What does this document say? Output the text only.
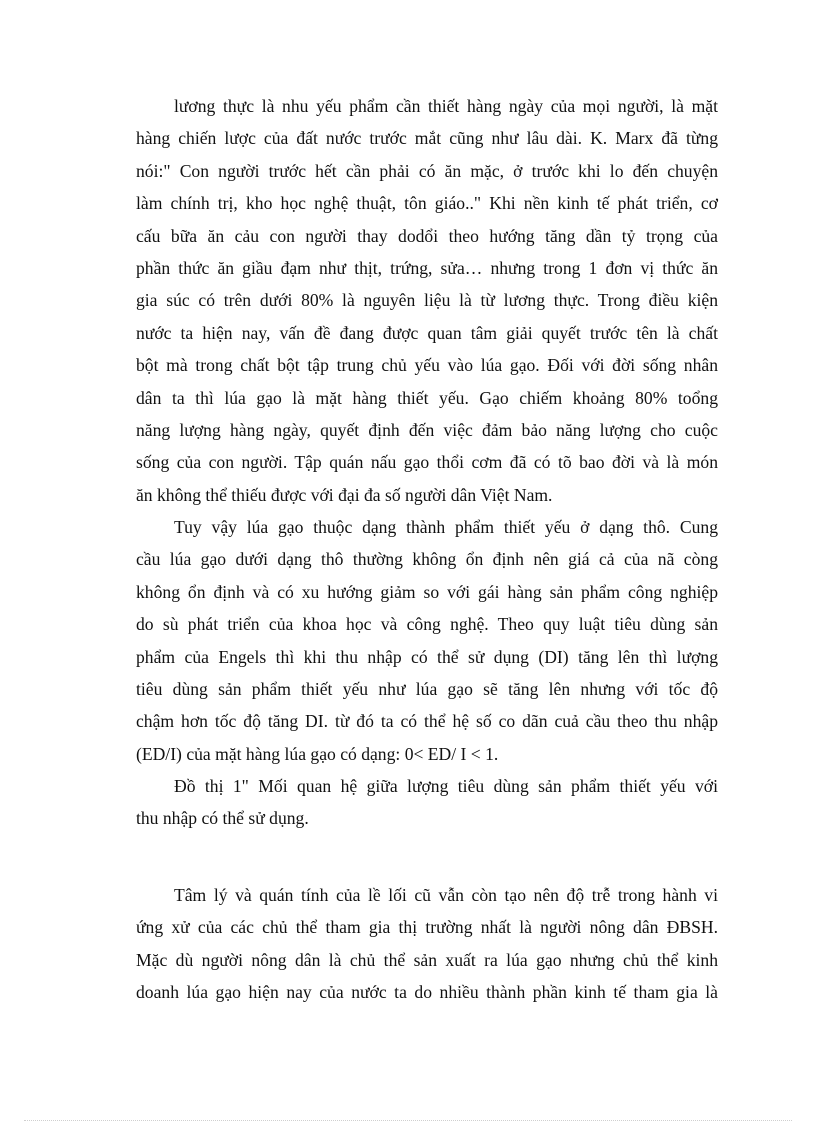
lương thực là nhu yếu phẩm cần thiết hàng ngày của mọi người, là mặt
hàng chiến lược của đất nước trước mắt cũng như lâu dài. K. Marx đã từng
nói:" Con người trước hết cần phải có ăn mặc, ở trước khi lo đến chuyện
làm chính trị, kho học nghệ thuật, tôn giáo.." Khi nền kinh tế phát triển, cơ
cấu bữa ăn cảu con người thay dodổi theo hướng tăng dần tỷ trọng của
phần thức ăn giầu đạm như thịt, trứng, sửa… nhưng trong 1 đơn vị thức ăn
gia súc có trên dưới 80% là nguyên liệu là từ lương thực. Trong điều kiện
nước ta hiện nay, vấn đề đang được quan tâm giải quyết trước tên là chất
bột mà trong chất bột tập trung chủ yếu vào lúa gạo. Đối với đời sống nhân
dân ta thì lúa gạo là mặt hàng thiết yếu. Gạo chiếm khoảng 80% toổng
năng lượng hàng ngày, quyết định đến việc đảm bảo năng lượng cho cuộc
sống của con người. Tập quán nấu gạo thổi cơm đã có tõ bao đời và là món
ăn không thể thiếu được với đại đa số người dân Việt Nam.
Tuy vậy lúa gạo thuộc dạng thành phẩm thiết yếu ở dạng thô. Cung
cầu lúa gạo dưới dạng thô thường không ổn định nên giá cả của nã còng
không ổn định và có xu hướng giảm so với gái hàng sản phẩm công nghiệp
do sù phát triển của khoa học và công nghệ. Theo quy luật tiêu dùng sản
phẩm của Engels thì khi thu nhập có thể sử dụng (DI) tăng lên thì lượng
tiêu dùng sản phẩm thiết yếu như lúa gạo sẽ tăng lên nhưng với tốc độ
chậm hơn tốc độ tăng DI. từ đó ta có thể hệ số co dãn cuả cầu theo thu nhập
(ED/I) của mặt hàng lúa gạo có dạng: 0< ED/ I < 1.
Đồ thị 1" Mối quan hệ giữa lượng tiêu dùng sản phẩm thiết yếu với
thu nhập có thể sử dụng.
Tâm lý và quán tính của lề lối cũ vẫn còn tạo nên độ trễ trong hành vi
ứng xử của các chủ thể tham gia thị trường nhất là người nông dân ĐBSH.
Mặc dù người nông dân là chủ thể sản xuất ra lúa gạo nhưng chủ thể kinh
doanh lúa gạo hiện nay của nước ta do nhiều thành phần kinh tế tham gia là
